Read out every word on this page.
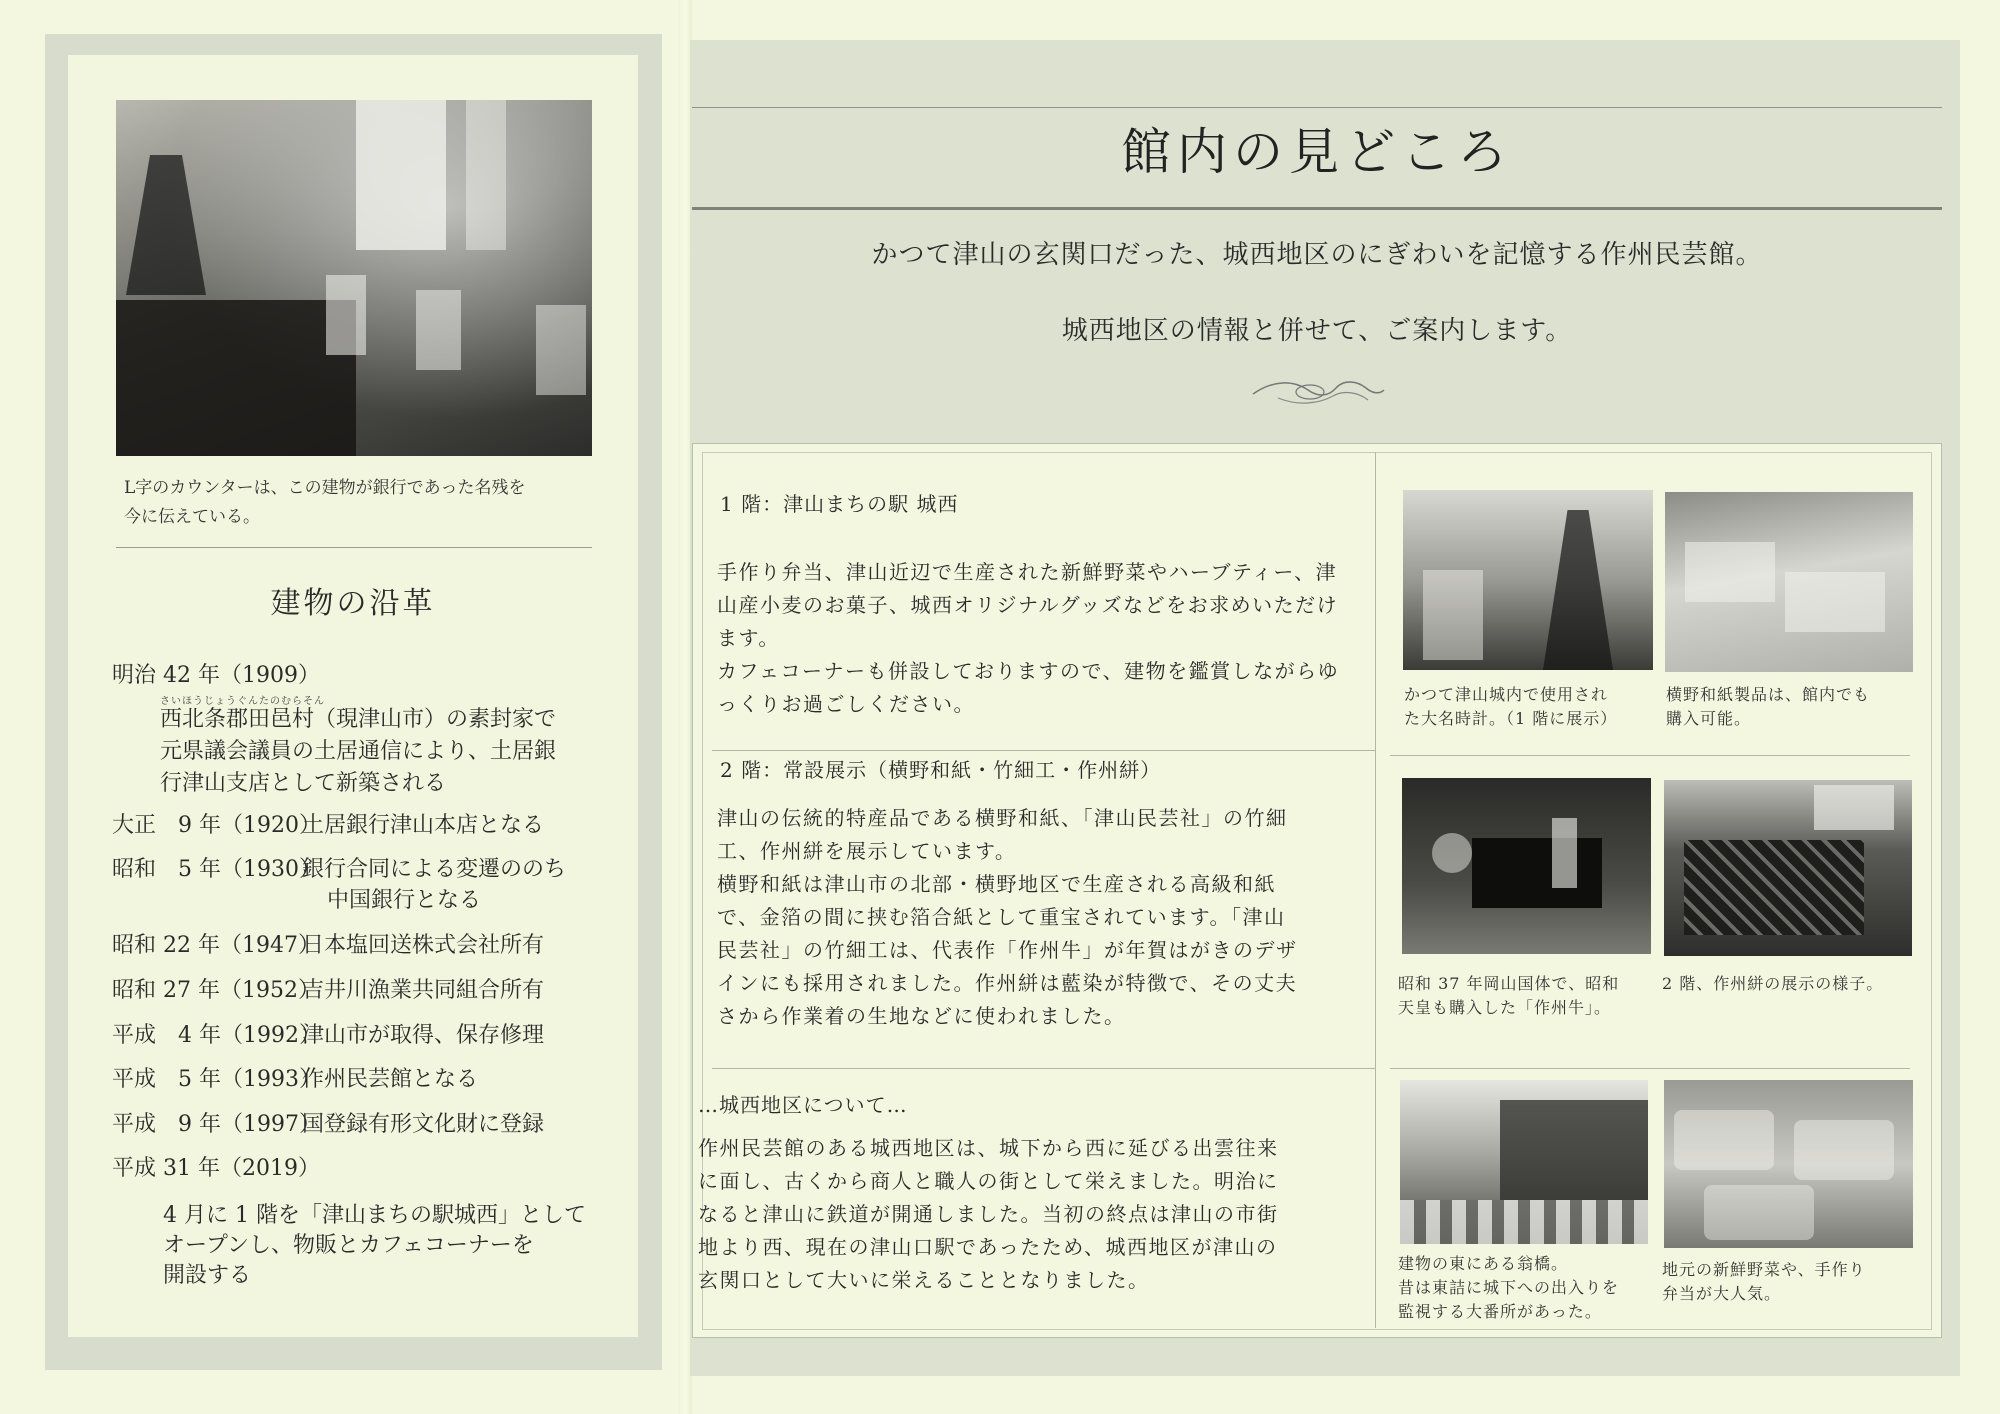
L字のカウンターは、この建物が銀行であった名残を
今に伝えている。
建物の沿革
明治 42 年（1909）
さいほうじょうぐんたのむらそん
西北条郡田邑村（現津山市）の素封家で
元県議会議員の土居通信により、土居銀
行津山支店として新築される
大正　9 年（1920）土居銀行津山本店となる
昭和　5 年（1930）銀行合同による変遷ののち
中国銀行となる
昭和 22 年（1947）日本塩回送株式会社所有
昭和 27 年（1952）吉井川漁業共同組合所有
平成　4 年（1992）津山市が取得、保存修理
平成　5 年（1993）作州民芸館となる
平成　9 年（1997）国登録有形文化財に登録
平成 31 年（2019）
4 月に 1 階を「津山まちの駅城西」として
オープンし、物販とカフェコーナーを
開設する
館内の見どころ
かつて津山の玄関口だった、城西地区のにぎわいを記憶する作州民芸館。
城西地区の情報と併せて、ご案内します。
1 階：津山まちの駅 城西

手作り弁当、津山近辺で生産された新鮮野菜やハーブティー、津

山産小麦のお菓子、城西オリジナルグッズなどをお求めいただけ

ます。

カフェコーナーも併設しておりますので、建物を鑑賞しながらゆ

っくりお過ごしください。	かつて津山城内で使用され
た大名時計。（1 階に展示）
横野和紙製品は、館内でも
購入可能。
2 階：常設展示（横野和紙・竹細工・作州絣）

津山の伝統的特産品である横野和紙、「津山民芸社」の竹細

工、作州絣を展示しています。

横野和紙は津山市の北部・横野地区で生産される高級和紙

で、金箔の間に挟む箔合紙として重宝されています。「津山

民芸社」の竹細工は、代表作「作州牛」が年賀はがきのデザ

インにも採用されました。作州絣は藍染が特徴で、その丈夫

さから作業着の生地などに使われました。

昭和 37 年岡山国体で、昭和
天皇も購入した「作州牛」。
2 階、作州絣の展示の様子。
…城西地区について…

作州民芸館のある城西地区は、城下から西に延びる出雲往来

に面し、古くから商人と職人の街として栄えました。明治に

なると津山に鉄道が開通しました。当初の終点は津山の市街

地より西、現在の津山口駅であったため、城西地区が津山の

玄関口として大いに栄えることとなりました。

建物の東にある翁橋。
昔は東詰に城下への出入りを
監視する大番所があった。
地元の新鮮野菜や、手作り
弁当が大人気。
